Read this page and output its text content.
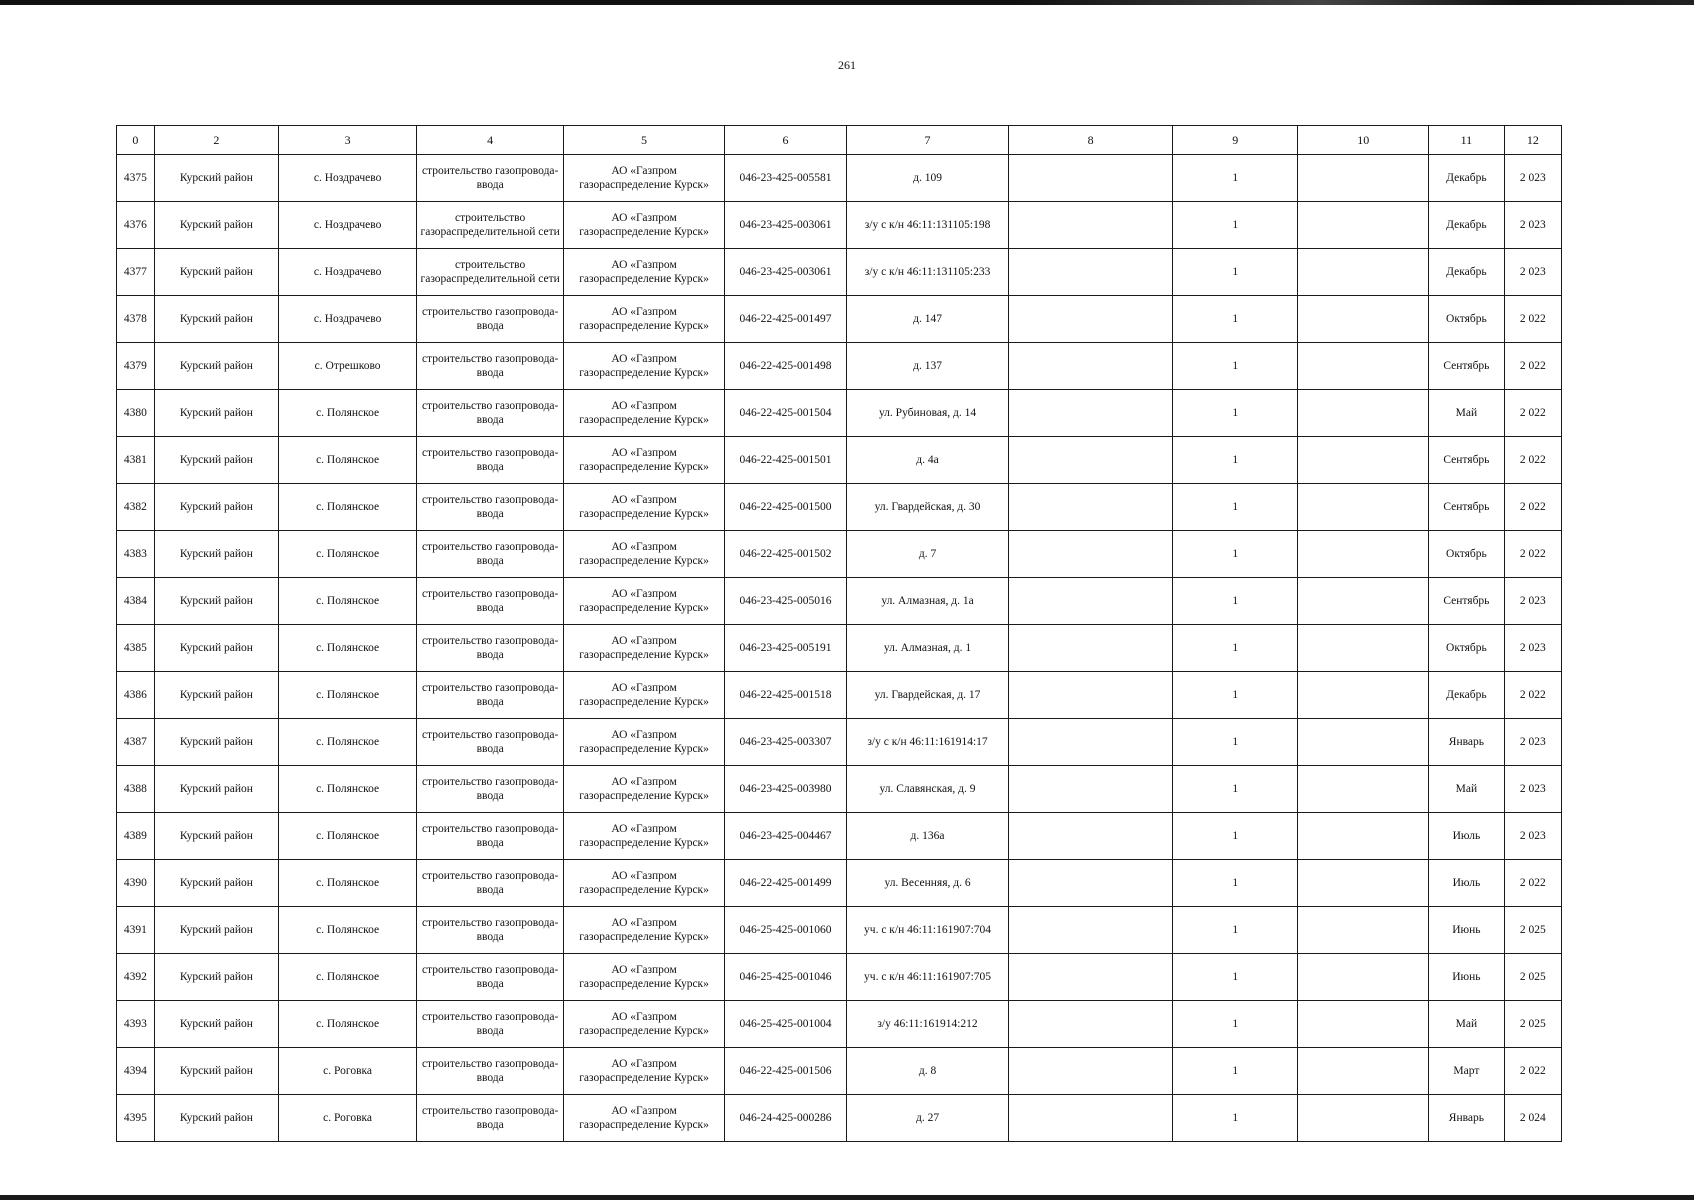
261
0	2	3	4	5	6	7	8	9	10	11	12
4375	Курский район	с. Ноздрачево	строительство газопровода-ввода	АО «Газпром газораспределение Курск»	046-23-425-005581	д. 109		1		Декабрь	2 023
4376	Курский район	с. Ноздрачево	строительство газораспределительной сети	АО «Газпром газораспределение Курск»	046-23-425-003061	з/у с к/н 46:11:131105:198		1		Декабрь	2 023
4377	Курский район	с. Ноздрачево	строительство газораспределительной сети	АО «Газпром газораспределение Курск»	046-23-425-003061	з/у с к/н 46:11:131105:233		1		Декабрь	2 023
4378	Курский район	с. Ноздрачево	строительство газопровода-ввода	АО «Газпром газораспределение Курск»	046-22-425-001497	д. 147		1		Октябрь	2 022
4379	Курский район	с. Отрешково	строительство газопровода-ввода	АО «Газпром газораспределение Курск»	046-22-425-001498	д. 137		1		Сентябрь	2 022
4380	Курский район	с. Полянское	строительство газопровода-ввода	АО «Газпром газораспределение Курск»	046-22-425-001504	ул. Рубиновая, д. 14		1		Май	2 022
4381	Курский район	с. Полянское	строительство газопровода-ввода	АО «Газпром газораспределение Курск»	046-22-425-001501	д. 4а		1		Сентябрь	2 022
4382	Курский район	с. Полянское	строительство газопровода-ввода	АО «Газпром газораспределение Курск»	046-22-425-001500	ул. Гвардейская, д. 30		1		Сентябрь	2 022
4383	Курский район	с. Полянское	строительство газопровода-ввода	АО «Газпром газораспределение Курск»	046-22-425-001502	д. 7		1		Октябрь	2 022
4384	Курский район	с. Полянское	строительство газопровода-ввода	АО «Газпром газораспределение Курск»	046-23-425-005016	ул. Алмазная, д. 1а		1		Сентябрь	2 023
4385	Курский район	с. Полянское	строительство газопровода-ввода	АО «Газпром газораспределение Курск»	046-23-425-005191	ул. Алмазная, д. 1		1		Октябрь	2 023
4386	Курский район	с. Полянское	строительство газопровода-ввода	АО «Газпром газораспределение Курск»	046-22-425-001518	ул. Гвардейская, д. 17		1		Декабрь	2 022
4387	Курский район	с. Полянское	строительство газопровода-ввода	АО «Газпром газораспределение Курск»	046-23-425-003307	з/у с к/н 46:11:161914:17		1		Январь	2 023
4388	Курский район	с. Полянское	строительство газопровода-ввода	АО «Газпром газораспределение Курск»	046-23-425-003980	ул. Славянская, д. 9		1		Май	2 023
4389	Курский район	с. Полянское	строительство газопровода-ввода	АО «Газпром газораспределение Курск»	046-23-425-004467	д. 136а		1		Июль	2 023
4390	Курский район	с. Полянское	строительство газопровода-ввода	АО «Газпром газораспределение Курск»	046-22-425-001499	ул. Весенняя, д. 6		1		Июль	2 022
4391	Курский район	с. Полянское	строительство газопровода-ввода	АО «Газпром газораспределение Курск»	046-25-425-001060	уч. с к/н 46:11:161907:704		1		Июнь	2 025
4392	Курский район	с. Полянское	строительство газопровода-ввода	АО «Газпром газораспределение Курск»	046-25-425-001046	уч. с к/н 46:11:161907:705		1		Июнь	2 025
4393	Курский район	с. Полянское	строительство газопровода-ввода	АО «Газпром газораспределение Курск»	046-25-425-001004	з/у 46:11:161914:212		1		Май	2 025
4394	Курский район	с. Роговка	строительство газопровода-ввода	АО «Газпром газораспределение Курск»	046-22-425-001506	д. 8		1		Март	2 022
4395	Курский район	с. Роговка	строительство газопровода-ввода	АО «Газпром газораспределение Курск»	046-24-425-000286	д. 27		1		Январь	2 024
